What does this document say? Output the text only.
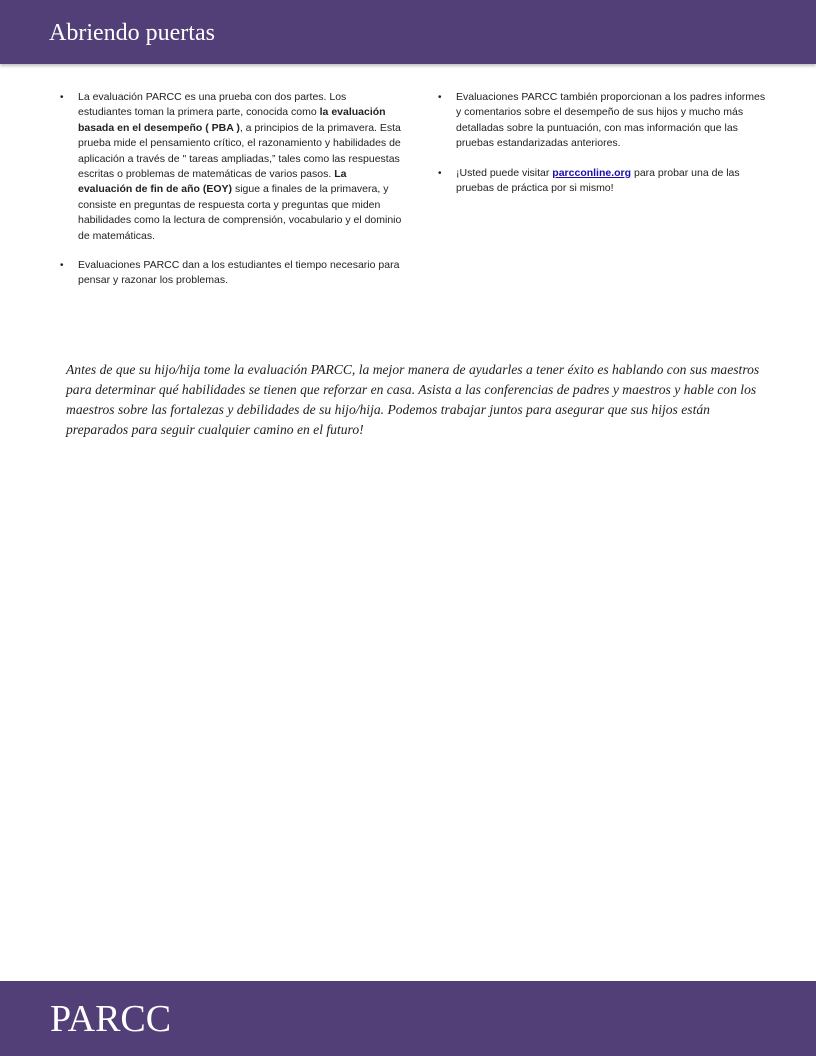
Abriendo puertas
• La evaluación PARCC es una prueba con dos partes. Los estudiantes toman la primera parte, conocida como la evaluación basada en el desempeño ( PBA ), a principios de la primavera. Esta prueba mide el pensamiento crítico, el razonamiento y habilidades de aplicación a través de " tareas ampliadas,” tales como las respuestas escritas o problemas de matemáticas de varios pasos. La evaluación de fin de año (EOY) sigue a finales de la primavera, y consiste en preguntas de respuesta corta y preguntas que miden habilidades como la lectura de comprensión, vocabulario y el dominio de matemáticas.
• Evaluaciones PARCC dan a los estudiantes el tiempo necesario para pensar y razonar los problemas.
• Evaluaciones PARCC también proporcionan a los padres informes y comentarios sobre el desempeño de sus hijos y mucho más detalladas sobre la puntuación, con mas información que las pruebas estandarizadas anteriores.
• ¡Usted puede visitar parcconline.org para probar una de las pruebas de práctica por si mismo!
Antes de que su hijo/hija tome la evaluación PARCC, la mejor manera de ayudarles a tener éxito es hablando con sus maestros para determinar qué habilidades se tienen que reforzar en casa. Asista a las conferencias de padres y maestros y hable con los maestros sobre las fortalezas y debilidades de su hijo/hija. Podemos trabajar juntos para asegurar que sus hijos están preparados para seguir cualquier camino en el futuro!
PARCC
